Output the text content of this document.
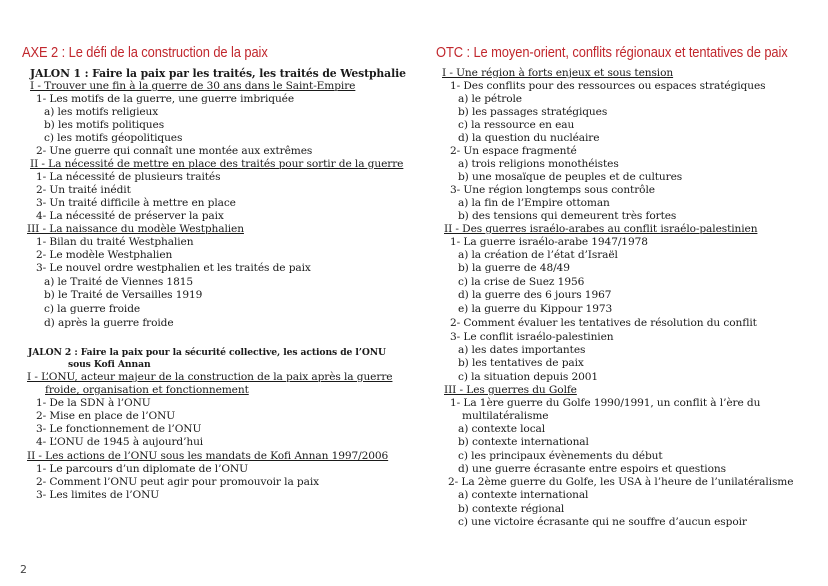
AXE 2 : Le défi de la construction de la paix
JALON 1 : Faire la paix par les traités, les traités de Westphalie
I - Trouver une fin à la guerre de 30 ans dans le Saint-Empire
1- Les motifs de la guerre, une guerre imbriquée
a) les motifs religieux
b) les motifs politiques
c) les motifs géopolitiques
2- Une guerre qui connaît une montée aux extrêmes
II - La nécessité de mettre en place des traités pour sortir de la guerre
1- La nécessité de plusieurs traités
2- Un traité inédit
3- Un traité difficile à mettre en place
4- La nécessité de préserver la paix
III - La naissance du modèle Westphalien
1- Bilan du traité Westphalien
2- Le modèle Westphalien
3- Le nouvel ordre westphalien et les traités de paix
a) le Traité de Viennes 1815
b) le Traité de Versailles 1919
c) la guerre froide
d) après la guerre froide
JALON 2 : Faire la paix pour la sécurité collective, les actions de l’ONU
sous Kofi Annan
I - L’ONU, acteur majeur de la construction de la paix après la guerre
froide, organisation et fonctionnement
1- De la SDN à l’ONU
2- Mise en place de l’ONU
3- Le fonctionnement de l’ONU
4- L’ONU de 1945 à aujourd’hui
II - Les actions de l’ONU sous les mandats de Kofi Annan 1997/2006
1- Le parcours d’un diplomate de l’ONU
2- Comment l’ONU peut agir pour promouvoir la paix
3- Les limites de l’ONU
OTC : Le moyen-orient, conflits régionaux et tentatives de paix
I - Une région à forts enjeux et sous tension
1- Des conflits pour des ressources ou espaces stratégiques
a) le pétrole
b) les passages stratégiques
c) la ressource en eau
d) la question du nucléaire
2- Un espace fragmenté
a) trois religions monothéistes
b) une mosaïque de peuples et de cultures
3- Une région longtemps sous contrôle
a) la fin de l’Empire ottoman
b) des tensions qui demeurent très fortes
II - Des guerres israélo-arabes au conflit israélo-palestinien
1- La guerre israélo-arabe 1947/1978
a) la création de l’état d’Israël
b) la guerre de 48/49
c) la crise de Suez 1956
d) la guerre des 6 jours 1967
e) la guerre du Kippour 1973
2- Comment évaluer les tentatives de résolution du conflit
3- Le conflit israélo-palestinien
a) les dates importantes
b) les tentatives de paix
c) la situation depuis 2001
III - Les guerres du Golfe
1- La 1ère guerre du Golfe 1990/1991, un conflit à l’ère du
multilatéralisme
a) contexte local
b) contexte international
c) les principaux évènements du début
d) une guerre écrasante entre espoirs et questions
2- La 2ème guerre du Golfe, les USA à l’heure de l’unilatéralisme
a) contexte international
b) contexte régional
c) une victoire écrasante qui ne souffre d’aucun espoir
2
